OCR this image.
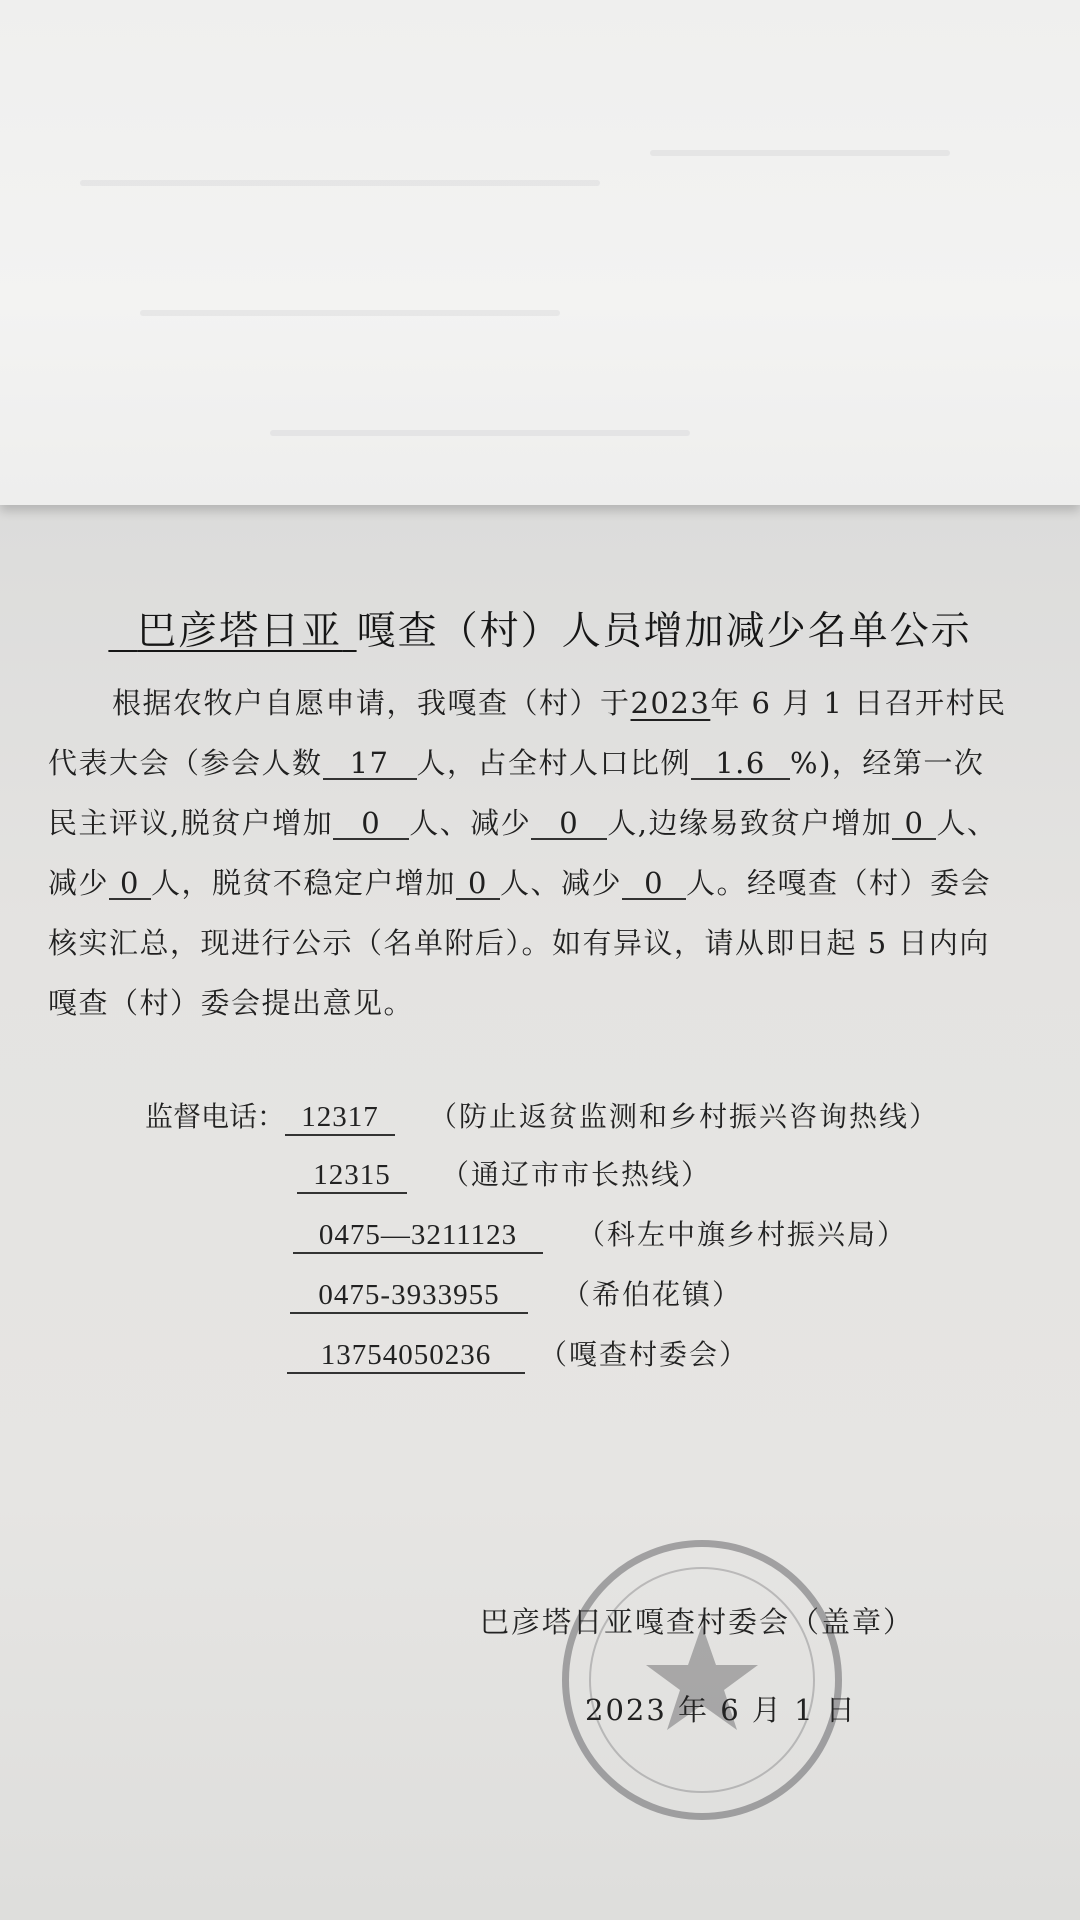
巴彦塔日亚 嘎查（村）人员增加减少名单公示

根据农牧户自愿申请，我嘎查（村）于2023年 6 月 1 日召开村民

代表大会（参会人数 17 人，占全村人口比例 1.6 %)，经第一次

民主评议,脱贫户增加 0 人、减少 0 人,边缘易致贫户增加 0 人、

减少 0 人，脱贫不稳定户增加 0 人、减少 0 人。经嘎查（村）委会

核实汇总，现进行公示（名单附后）。如有异议，请从即日起 5 日内向

嘎查（村）委会提出意见。

监督电话： 12317 （防止返贫监测和乡村振兴咨询热线）
12315 （通辽市市长热线）
0475—3211123 （科左中旗乡村振兴局）
0475-3933955 （希伯花镇）
13754050236 （嘎查村委会）
巴彦塔日亚嘎查村委会（盖章）
2023 年 6 月 1 日
